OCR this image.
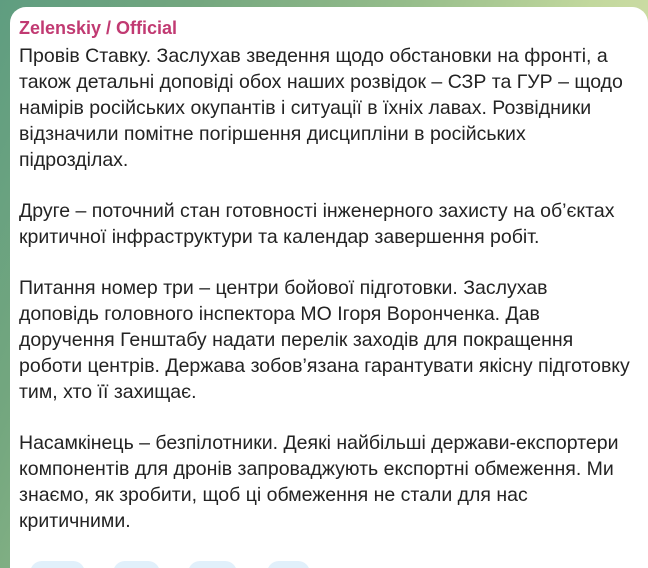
Zelenskiy / Official

Провів Ставку. Заслухав зведення щодо обстановки на фронті, а також детальні доповіді обох наших розвідок – СЗР та ГУР – щодо намірів російських окупантів і ситуації в їхніх лавах. Розвідники відзначили помітне погіршення дисципліни в російських підрозділах.

Друге – поточний стан готовності інженерного захисту на об’єктах критичної інфраструктури та календар завершення робіт.

Питання номер три – центри бойової підготовки. Заслухав доповідь головного інспектора МО Ігоря Воронченка. Дав доручення Генштабу надати перелік заходів для покращення роботи центрів. Держава зобов’язана гарантувати якісну підготовку тим, хто її захищає.

Насамкінець – безпілотники. Деякі найбільші держави-експортери компонентів для дронів запроваджують експортні обмеження. Ми знаємо, як зробити, щоб ці обмеження не стали для нас критичними.
